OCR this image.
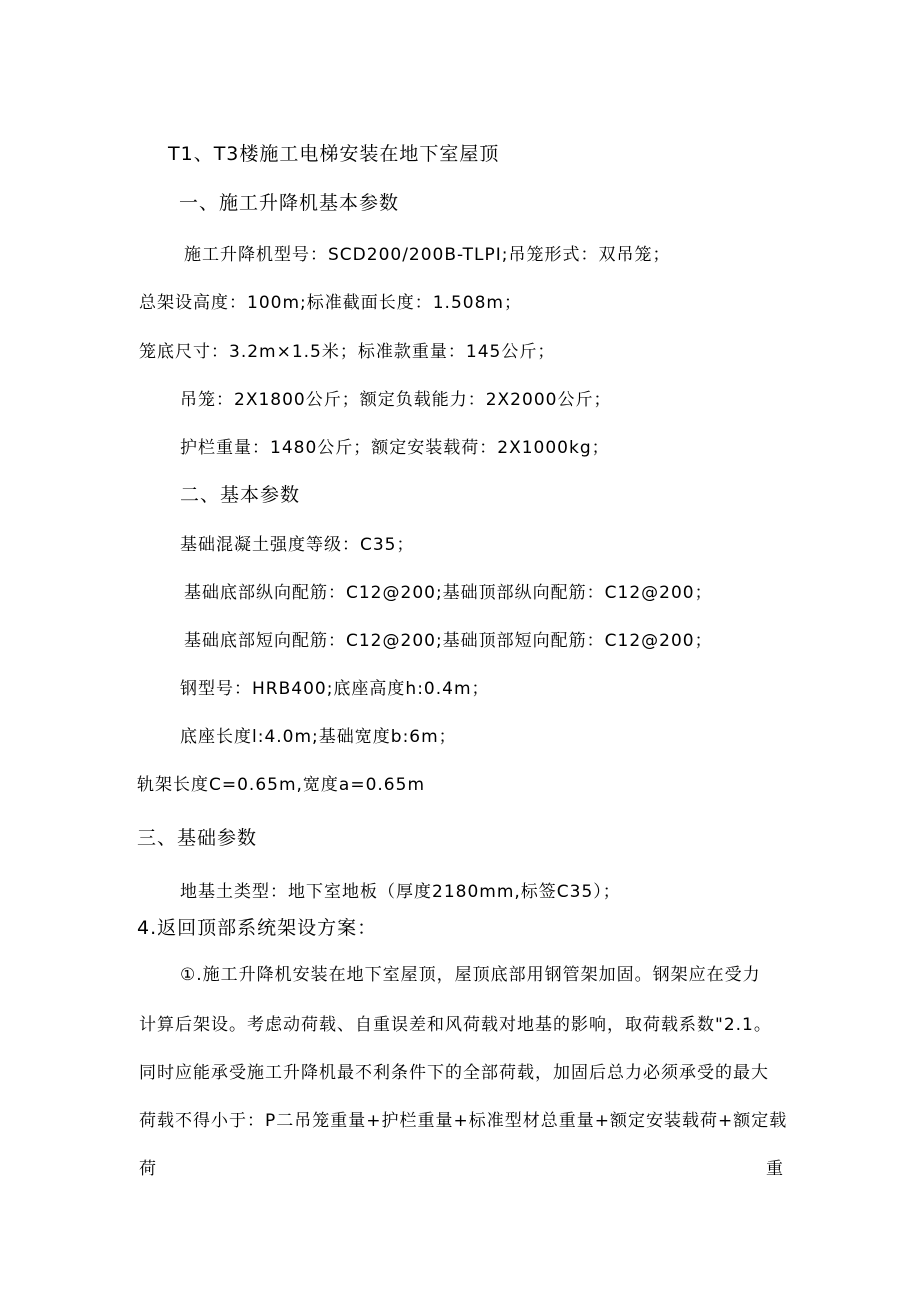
T1、T3楼施工电梯安装在地下室屋顶
一、施工升降机基本参数
施工升降机型号：SCD200/200B-TLPI;吊笼形式：双吊笼；
总架设高度：100m;标准截面长度：1.508m；
笼底尺寸：3.2m×1.5米；标准款重量：145公斤；
吊笼：2X1800公斤；额定负载能力：2X2000公斤；
护栏重量：1480公斤；额定安装载荷：2X1000kg；
二、基本参数
基础混凝土强度等级：C35；
基础底部纵向配筋：C12@200;基础顶部纵向配筋：C12@200；
基础底部短向配筋：C12@200;基础顶部短向配筋：C12@200；
钢型号：HRB400;底座高度h:0.4m；
底座长度l:4.0m;基础宽度b:6m；
轨架长度C=0.65m,宽度a=0.65m
三、基础参数
地基土类型：地下室地板（厚度2180mm,标签C35）；
4.返回顶部系统架设方案：
①.施工升降机安装在地下室屋顶，屋顶底部用钢管架加固。钢架应在受力
计算后架设。考虑动荷载、自重误差和风荷载对地基的影响，取荷载系数"2.1。
同时应能承受施工升降机最不利条件下的全部荷载，加固后总力必须承受的最大
荷载不得小于：P二吊笼重量+护栏重量+标准型材总重量+额定安装载荷+额定载
荷	重
